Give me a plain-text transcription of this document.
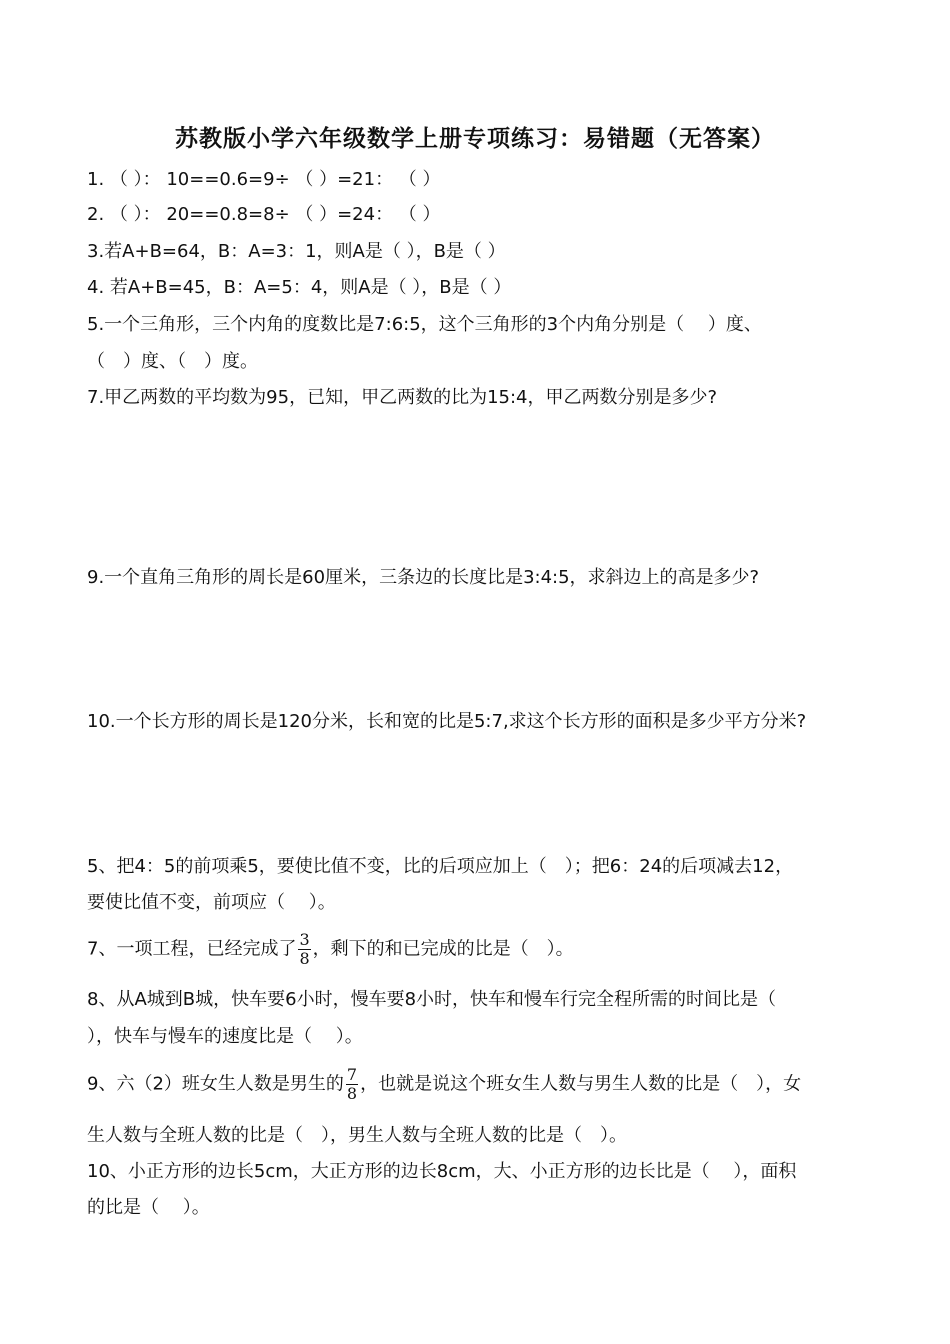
苏教版小学六年级数学上册专项练习：易错题（无答案）
1. （ ）： 10==0.6=9÷ （ ）=21： （ ）
2. （ ）： 20==0.8=8÷ （ ）=24： （ ）
3.若A+B=64，B：A=3：1，则A是（ ），B是（ ）
4. 若A+B=45，B：A=5：4，则A是（ ），B是（ ）
5.一个三角形，三个内角的度数比是7:6:5，这个三角形的3个内角分别是（　 ）度、
（　）度、（　）度。
7.甲乙两数的平均数为95，已知，甲乙两数的比为15:4，甲乙两数分别是多少?
9.一个直角三角形的周长是60厘米，三条边的长度比是3:4:5，求斜边上的高是多少?
10.一个长方形的周长是120分米，长和宽的比是5:7,求这个长方形的面积是多少平方分米?
5、把4：5的前项乘5，要使比值不变，比的后项应加上（　）；把6：24的后项减去12，
要使比值不变，前项应（　 ）。
7、一项工程，已经完成了 $\frac{3}{8}$ ，剩下的和已完成的比是（　）。
8、从A城到B城，快车要6小时，慢车要8小时，快车和慢车行完全程所需的时间比是（
），快车与慢车的速度比是（　 ）。
9、六（2）班女生人数是男生的 $\frac{7}{8}$ ，也就是说这个班女生人数与男生人数的比是（　），女
生人数与全班人数的比是（　），男生人数与全班人数的比是（　）。
10、小正方形的边长5cm，大正方形的边长8cm，大、小正方形的边长比是（　 ），面积
的比是（　 ）。
